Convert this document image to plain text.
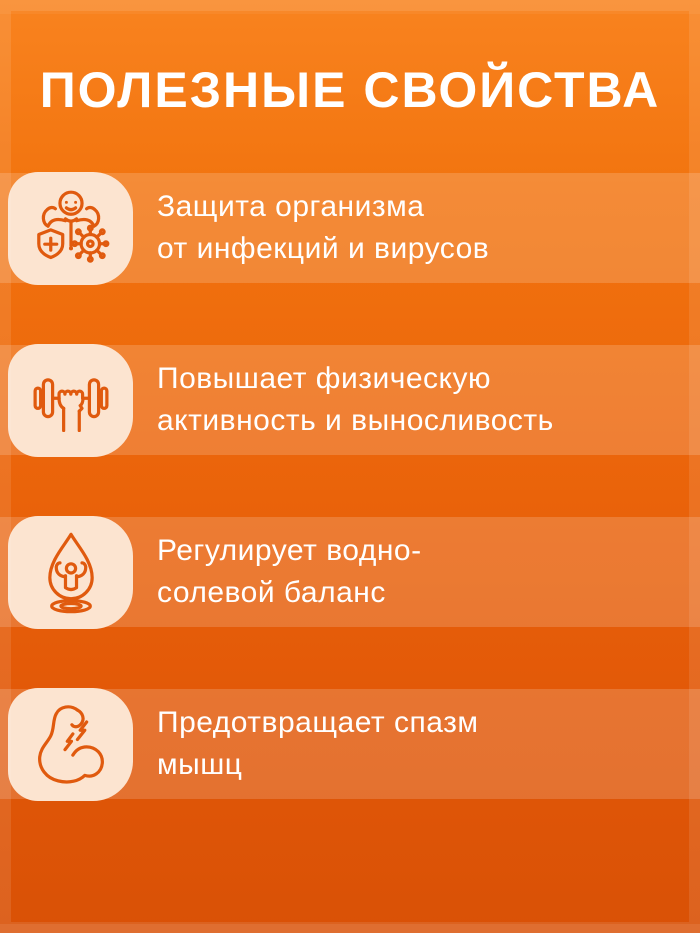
ПОЛЕЗНЫЕ СВОЙСТВА
Защита организма
от инфекций и вирусов
Повышает физическую
активность и выносливость
Регулирует водно-
солевой баланс
Предотвращает спазм
мышц
